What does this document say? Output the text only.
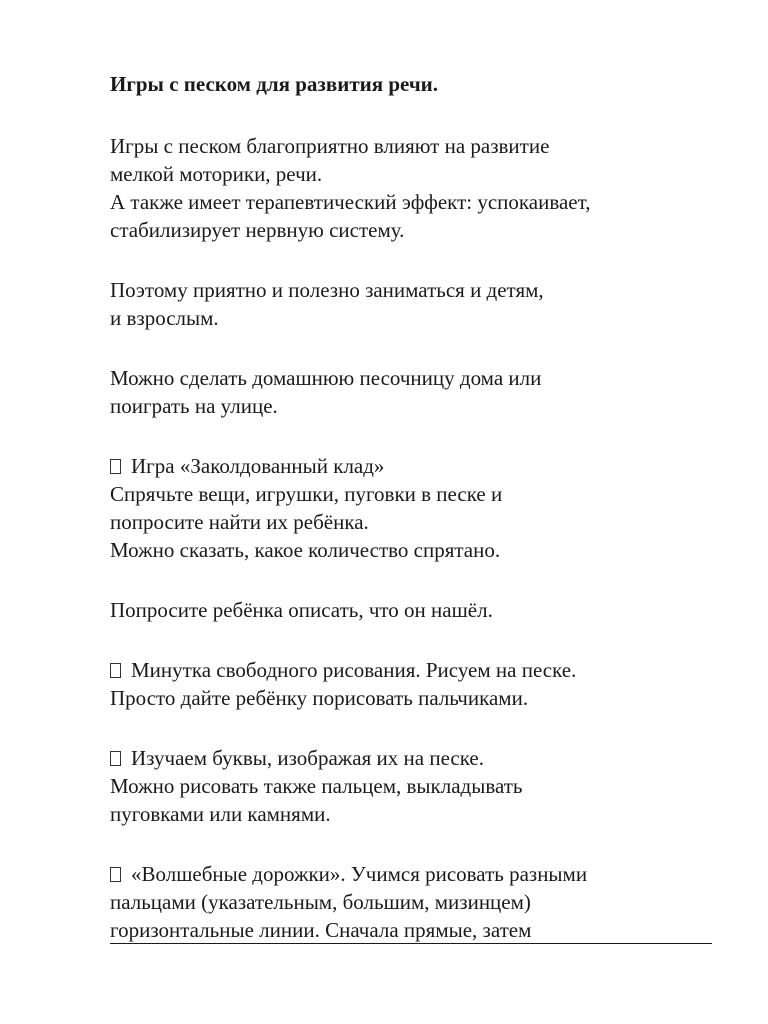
Игры с песком для развития речи.
Игры с песком благоприятно влияют на развитие
мелкой моторики, речи.
А также имеет терапевтический эффект: успокаивает,
стабилизирует нервную систему.
Поэтому приятно и полезно заниматься и детям,
и взрослым.
Можно сделать домашнюю песочницу дома или
поиграть на улице.
Игра «Заколдованный клад»
Спрячьте вещи, игрушки, пуговки в песке и
попросите найти их ребёнка.
Можно сказать, какое количество спрятано.
Попросите ребёнка описать, что он нашёл.
Минутка свободного рисования. Рисуем на песке.
Просто дайте ребёнку порисовать пальчиками.
Изучаем буквы, изображая их на песке.
Можно рисовать также пальцем, выкладывать
пуговками или камнями.
«Волшебные дорожки». Учимся рисовать разными
пальцами (указательным, большим, мизинцем)
горизонтальные линии. Сначала прямые, затем
